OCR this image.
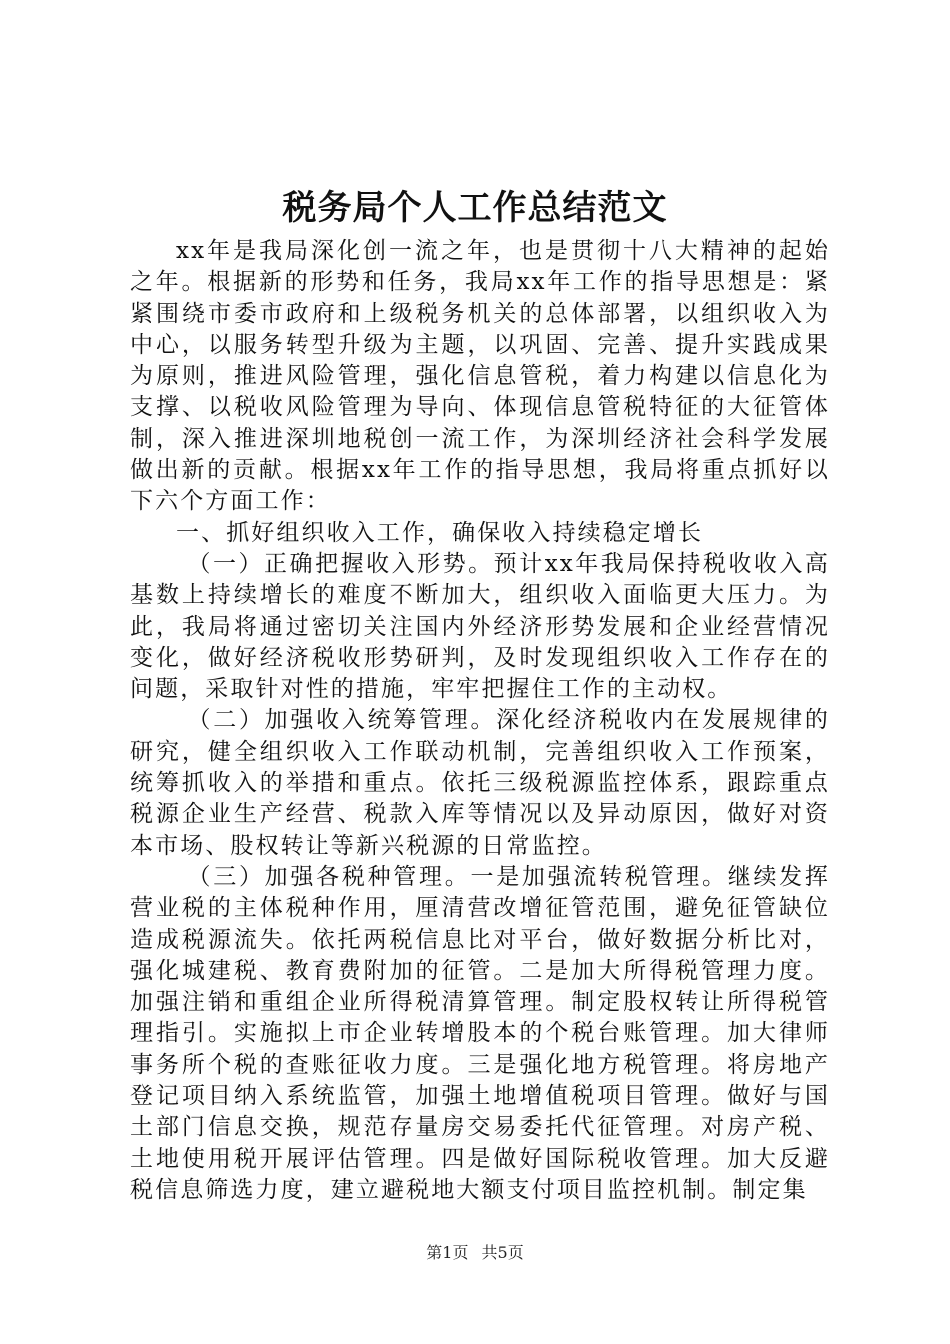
税务局个人工作总结范文

xx年是我局深化创一流之年，也是贯彻十八大精神的起始之年。根据新的形势和任务，我局xx年工作的指导思想是：紧紧围绕市委市政府和上级税务机关的总体部署，以组织收入为中心，以服务转型升级为主题，以巩固、完善、提升实践成果为原则，推进风险管理，强化信息管税，着力构建以信息化为支撑、以税收风险管理为导向、体现信息管税特征的大征管体制，深入推进深圳地税创一流工作，为深圳经济社会科学发展做出新的贡献。根据xx年工作的指导思想，我局将重点抓好以下六个方面工作：

一、抓好组织收入工作，确保收入持续稳定增长

（一）正确把握收入形势。预计xx年我局保持税收收入高基数上持续增长的难度不断加大，组织收入面临更大压力。为此，我局将通过密切关注国内外经济形势发展和企业经营情况变化，做好经济税收形势研判，及时发现组织收入工作存在的问题，采取针对性的措施，牢牢把握住工作的主动权。

（二）加强收入统筹管理。深化经济税收内在发展规律的研究，健全组织收入工作联动机制，完善组织收入工作预案，统筹抓收入的举措和重点。依托三级税源监控体系，跟踪重点税源企业生产经营、税款入库等情况以及异动原因，做好对资本市场、股权转让等新兴税源的日常监控。

（三）加强各税种管理。一是加强流转税管理。继续发挥营业税的主体税种作用，厘清营改增征管范围，避免征管缺位造成税源流失。依托两税信息比对平台，做好数据分析比对，强化城建税、教育费附加的征管。二是加大所得税管理力度。加强注销和重组企业所得税清算管理。制定股权转让所得税管理指引。实施拟上市企业转增股本的个税台账管理。加大律师事务所个税的查账征收力度。三是强化地方税管理。将房地产登记项目纳入系统监管，加强土地增值税项目管理。做好与国土部门信息交换，规范存量房交易委托代征管理。对房产税、土地使用税开展评估管理。四是做好国际税收管理。加大反避税信息筛选力度，建立避税地大额支付项目监控机制。制定集

第1页 共5页
